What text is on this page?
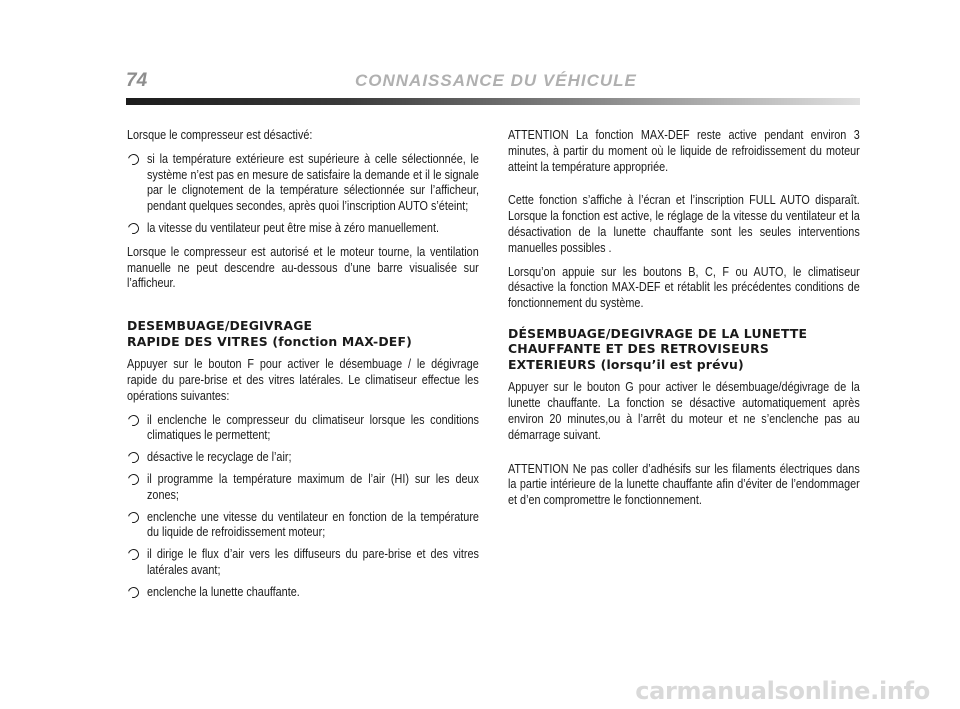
74	CONNAISSANCE DU VÉHICULE

Lorsque le compresseur est désactivé:

si la température extérieure est supérieure à celle sélectionnée, le système n’est pas en mesure de satisfaire la demande et il le signale par le clignotement de la température sélectionnée sur l’afficheur, pendant quelques secondes, après quoi l’inscription AUTO s’éteint;
la vitesse du ventilateur peut être mise à zéro manuellement.

Lorsque le compresseur est autorisé et le moteur tourne, la ventilation manuelle ne peut descendre au-dessous d’une barre visualisée sur l’afficheur.

DESEMBUAGE/DEGIVRAGE
RAPIDE DES VITRES (fonction MAX-DEF)

Appuyer sur le bouton F pour activer le désembuage / le dégivrage rapide du pare-brise et des vitres latérales. Le climatiseur effectue les opérations suivantes:

il enclenche le compresseur du climatiseur lorsque les conditions climatiques le permettent;
désactive le recyclage de l’air;
il programme la température maximum de l’air (HI) sur les deux zones;
enclenche une vitesse du ventilateur en fonction de la température du liquide de refroidissement moteur;
il dirige le flux d’air vers les diffuseurs du pare-brise et des vitres latérales avant;
enclenche la lunette chauffante.

ATTENTION La fonction MAX-DEF reste active pendant environ 3 minutes, à partir du moment où le liquide de refroidissement du moteur atteint la température appropriée.

Cette fonction s’affiche à l’écran et l’inscription FULL AUTO disparaît. Lorsque la fonction est active, le réglage de la vitesse du ventilateur et la désactivation de la lunette chauffante sont les seules interventions manuelles possibles .

Lorsqu’on appuie sur les boutons B, C, F ou AUTO, le climatiseur désactive la fonction MAX-DEF et rétablit les précédentes conditions de fonctionnement du système.

DÉSEMBUAGE/DEGIVRAGE DE LA LUNETTE
CHAUFFANTE ET DES RETROVISEURS
EXTERIEURS (lorsqu’il est prévu)

Appuyer sur le bouton G pour activer le désembuage/dégivrage de la lunette chauffante. La fonction se désactive automatiquement après environ 20 minutes,ou à l’arrêt du moteur et ne s’enclenche pas au démarrage suivant.

ATTENTION Ne pas coller d’adhésifs sur les filaments électriques dans la partie intérieure de la lunette chauffante afin d’éviter de l’endommager et d’en compromettre le fonctionnement.

carmanualsonline.info
